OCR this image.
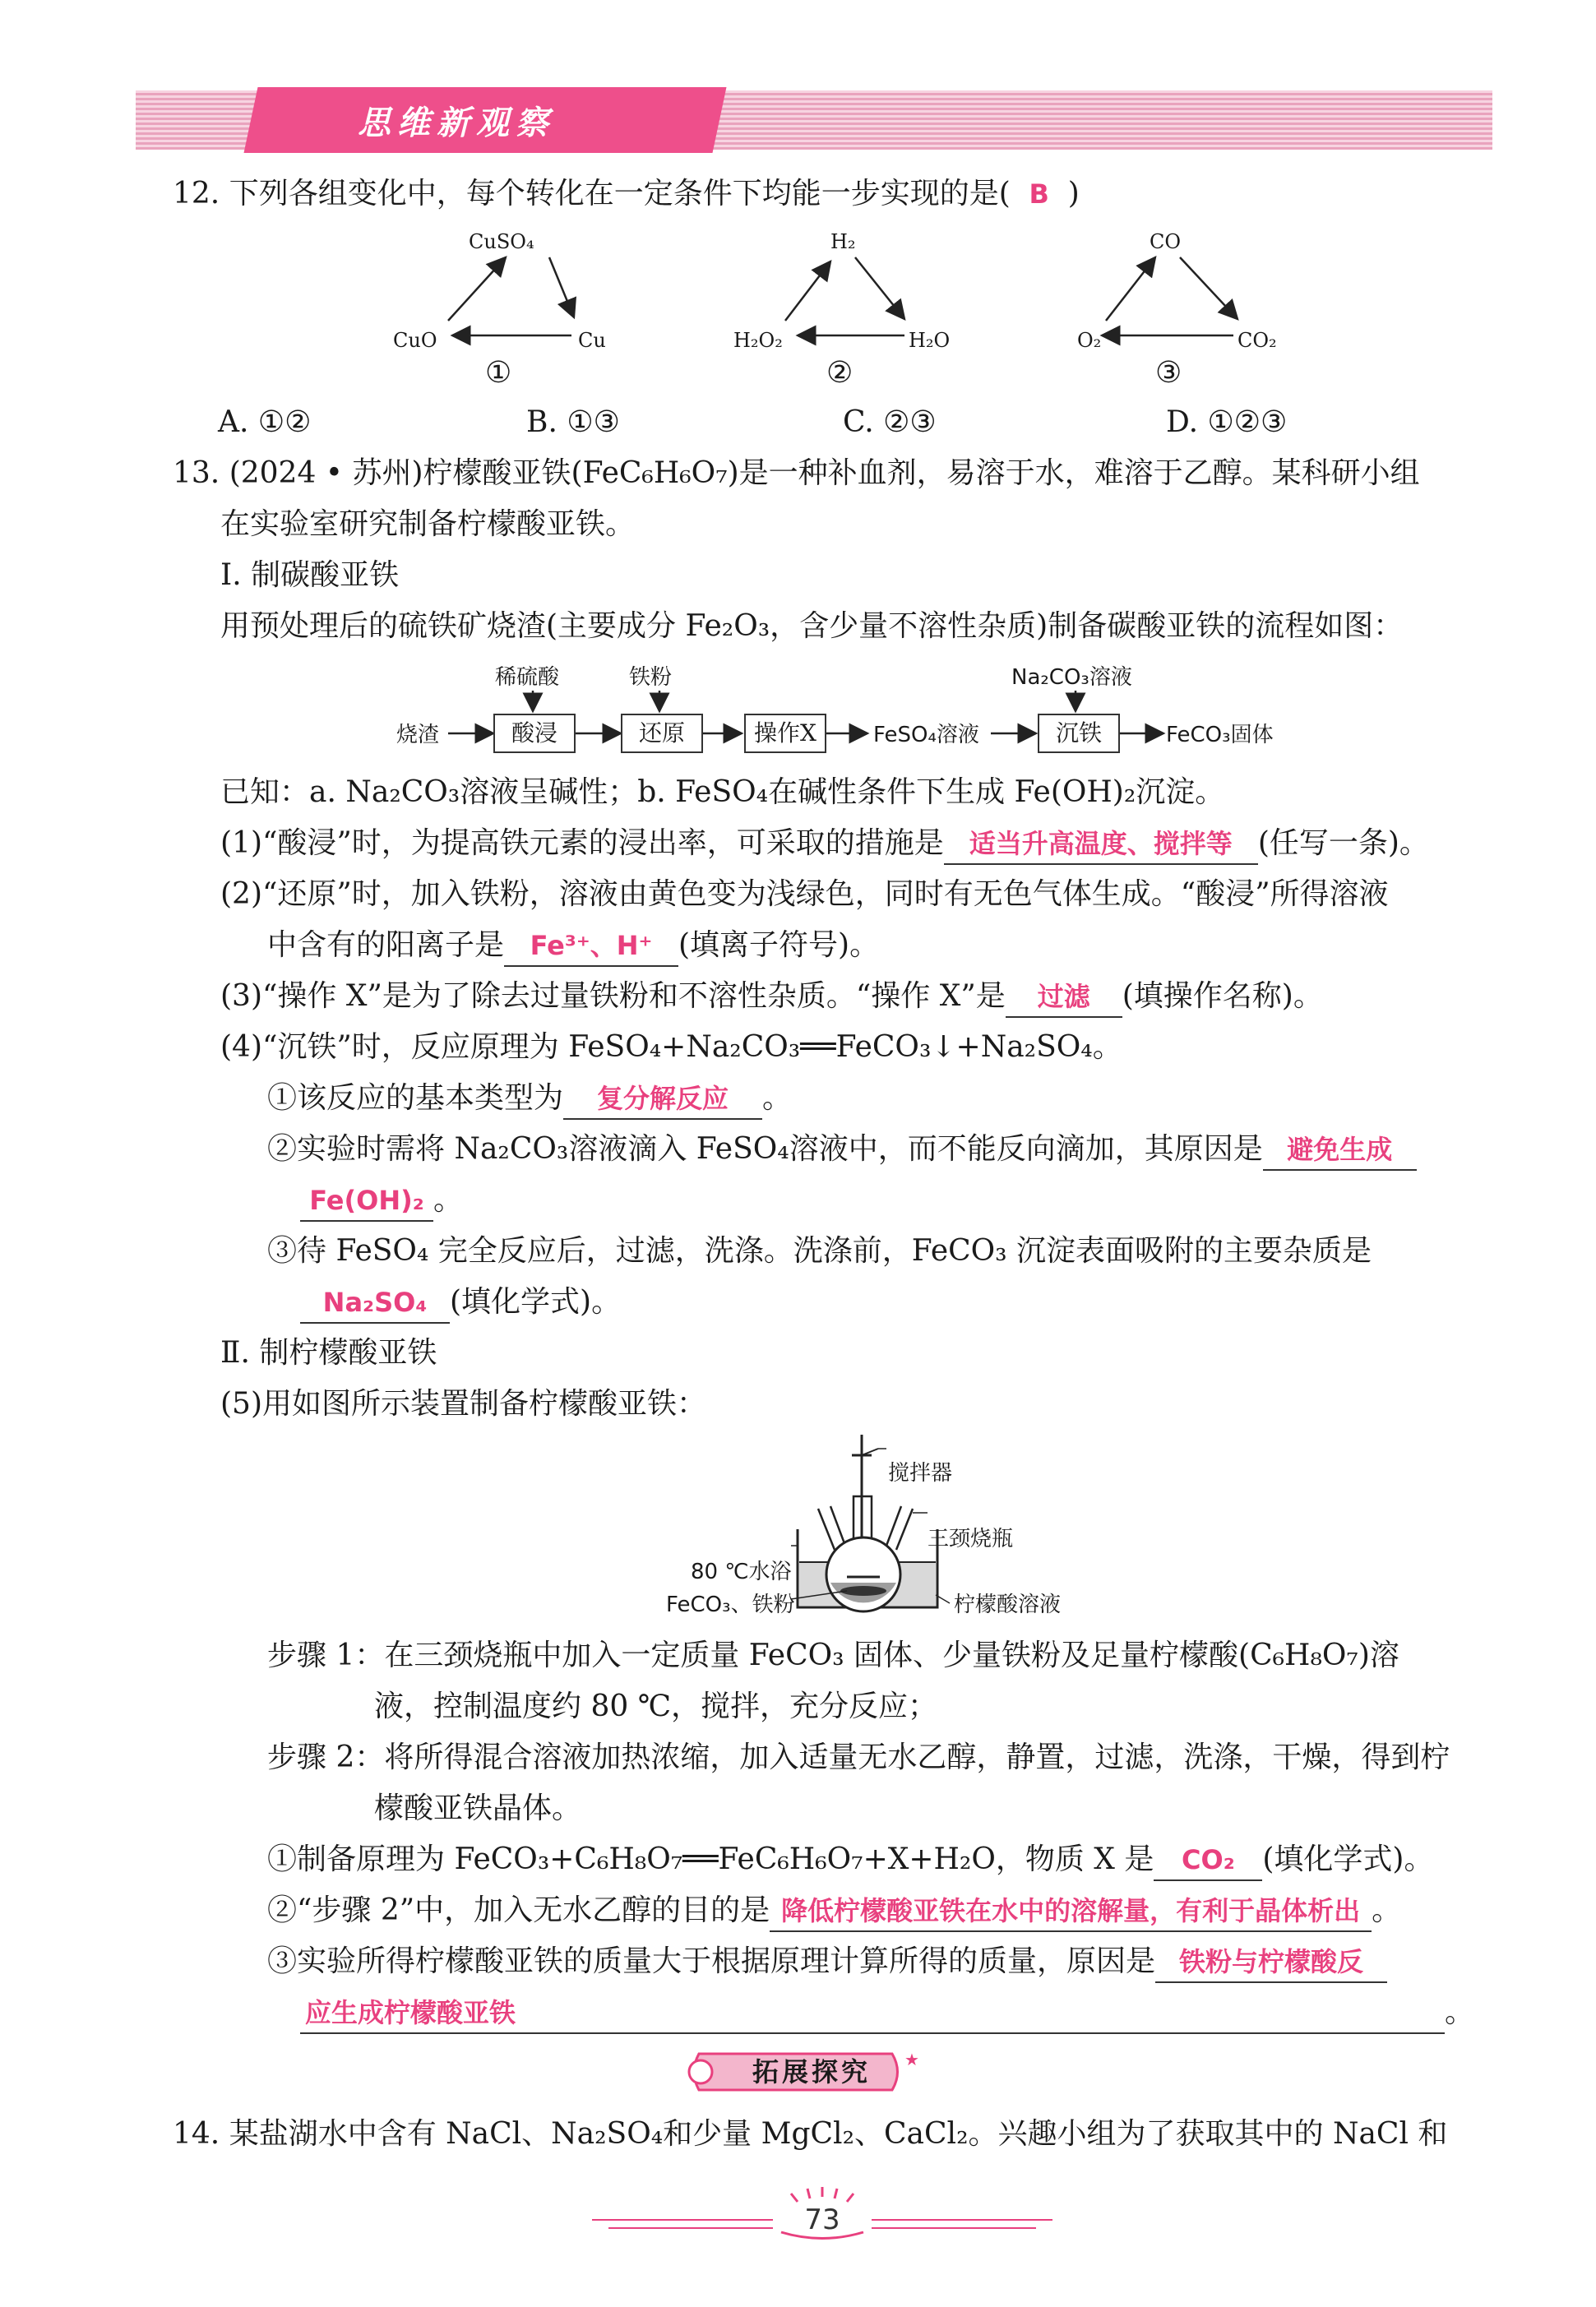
思维新观察
12. 下列各组变化中，每个转化在一定条件下均能一步实现的是( B )
CuSO₄
CuO	Cu
①
H₂
H₂O₂	H₂O
②
CO
O₂	CO₂
③
A. ①②	B. ①③	C. ②③	D. ①②③
13. (2024 • 苏州)柠檬酸亚铁(FeC₆H₆O₇)是一种补血剂，易溶于水，难溶于乙醇。某科研小组
在实验室研究制备柠檬酸亚铁。
Ⅰ. 制碳酸亚铁
用预处理后的硫铁矿烧渣(主要成分 Fe₂O₃，含少量不溶性杂质)制备碳酸亚铁的流程如图：
烧渣
稀硫酸
酸浸
铁粉
还原	操作X	FeSO₄溶液
Na₂CO₃溶液
沉铁	FeCO₃固体
已知：a. Na₂CO₃溶液呈碱性；b. FeSO₄在碱性条件下生成 Fe(OH)₂沉淀。
(1)“酸浸”时，为提高铁元素的浸出率，可采取的措施是 适当升高温度、搅拌等 (任写一条)。
(2)“还原”时，加入铁粉，溶液由黄色变为浅绿色，同时有无色气体生成。“酸浸”所得溶液
中含有的阳离子是 Fe³⁺、H⁺ (填离子符号)。
(3)“操作 X”是为了除去过量铁粉和不溶性杂质。“操作 X”是 过滤 (填操作名称)。
(4)“沉铁”时，反应原理为 FeSO₄+Na₂CO₃══FeCO₃↓+Na₂SO₄。
①该反应的基本类型为 复分解反应 。
②实验时需将 Na₂CO₃溶液滴入 FeSO₄溶液中，而不能反向滴加，其原因是 避免生成
Fe(OH)₂ 。
③待 FeSO₄ 完全反应后，过滤，洗涤。洗涤前，FeCO₃ 沉淀表面吸附的主要杂质是
Na₂SO₄ (填化学式)。
Ⅱ. 制柠檬酸亚铁
(5)用如图所示装置制备柠檬酸亚铁：
搅拌器
三颈烧瓶
80 ℃水浴
FeCO₃、铁粉	柠檬酸溶液
步骤 1：在三颈烧瓶中加入一定质量 FeCO₃ 固体、少量铁粉及足量柠檬酸(C₆H₈O₇)溶
液，控制温度约 80 ℃，搅拌，充分反应；
步骤 2：将所得混合溶液加热浓缩，加入适量无水乙醇，静置，过滤，洗涤，干燥，得到柠
檬酸亚铁晶体。
①制备原理为 FeCO₃+C₆H₈O₇══FeC₆H₆O₇+X+H₂O，物质 X 是 CO₂ (填化学式)。
②“步骤 2”中，加入无水乙醇的目的是 降低柠檬酸亚铁在水中的溶解量，有利于晶体析出 。
③实验所得柠檬酸亚铁的质量大于根据原理计算所得的质量，原因是 铁粉与柠檬酸反
应生成柠檬酸亚铁	。
★
拓展探究
14. 某盐湖水中含有 NaCl、Na₂SO₄和少量 MgCl₂、CaCl₂。兴趣小组为了获取其中的 NaCl 和
73
